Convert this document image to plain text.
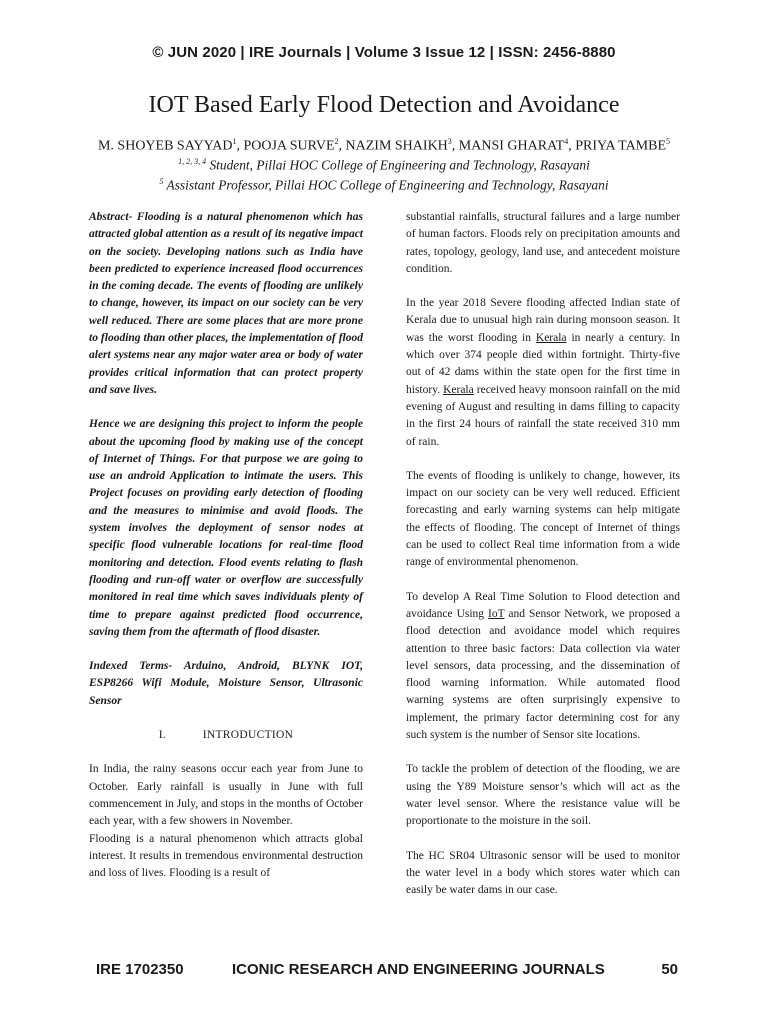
© JUN 2020 | IRE Journals | Volume 3 Issue 12 | ISSN: 2456-8880
IOT Based Early Flood Detection and Avoidance
M. SHOYEB SAYYAD$^1$, POOJA SURVE$^2$, NAZIM SHAIKH$^3$, MANSI GHARAT$^4$, PRIYA TAMBE$^5$
$^{1, 2, 3, 4}$ Student, Pillai HOC College of Engineering and Technology, Rasayani
$^5$ Assistant Professor, Pillai HOC College of Engineering and Technology, Rasayani

Abstract- Flooding is a natural phenomenon which has attracted global attention as a result of its negative impact on the society. Developing nations such as India have been predicted to experience increased flood occurrences in the coming decade. The events of flooding are unlikely to change, however, its impact on our society can be very well reduced. There are some places that are more prone to flooding than other places, the implementation of flood alert systems near any major water area or body of water provides critical information that can protect property and save lives.

Hence we are designing this project to inform the people about the upcoming flood by making use of the concept of Internet of Things. For that purpose we are going to use an android Application to intimate the users. This Project focuses on providing early detection of flooding and the measures to minimise and avoid floods. The system involves the deployment of sensor nodes at specific flood vulnerable locations for real-time flood monitoring and detection. Flood events relating to flash flooding and run-off water or overflow are successfully monitored in real time which saves individuals plenty of time to prepare against predicted flood occurrence, saving them from the aftermath of flood disaster.

Indexed Terms- Arduino, Android, BLYNK IOT, ESP8266 Wifi Module, Moisture Sensor, Ultrasonic Sensor

I.	INTRODUCTION

In India, the rainy seasons occur each year from June to October. Early rainfall is usually in June with full commencement in July, and stops in the months of October each year, with a few showers in November.

Flooding is a natural phenomenon which attracts global interest. It results in tremendous environmental destruction and loss of lives. Flooding is a result of

substantial rainfalls, structural failures and a large number of human factors. Floods rely on precipitation amounts and rates, topology, geology, land use, and antecedent moisture condition.

In the year 2018 Severe flooding affected Indian state of Kerala due to unusual high rain during monsoon season. It was the worst flooding in Kerala in nearly a century. In which over 374 people died within fortnight. Thirty-five out of 42 dams within the state open for the first time in history. Kerala received heavy monsoon rainfall on the mid evening of August and resulting in dams filling to capacity in the first 24 hours of rainfall the state received 310 mm of rain.

The events of flooding is unlikely to change, however, its impact on our society can be very well reduced. Efficient forecasting and early warning systems can help mitigate the effects of flooding. The concept of Internet of things can be used to collect Real time information from a wide range of environmental phenomenon.

To develop A Real Time Solution to Flood detection and avoidance Using IoT and Sensor Network, we proposed a flood detection and avoidance model which requires attention to three basic factors: Data collection via water level sensors, data processing, and the dissemination of flood warning information. While automated flood warning systems are often surprisingly expensive to implement, the primary factor determining cost for any such system is the number of Sensor site locations.

To tackle the problem of detection of the flooding, we are using the Y89 Moisture sensor’s which will act as the water level sensor. Where the resistance value will be proportionate to the moisture in the soil.

The HC SR04 Ultrasonic sensor will be used to monitor the water level in a body which stores water which can easily be water dams in our case.

IRE 1702350	ICONIC RESEARCH AND ENGINEERING JOURNALS	50
